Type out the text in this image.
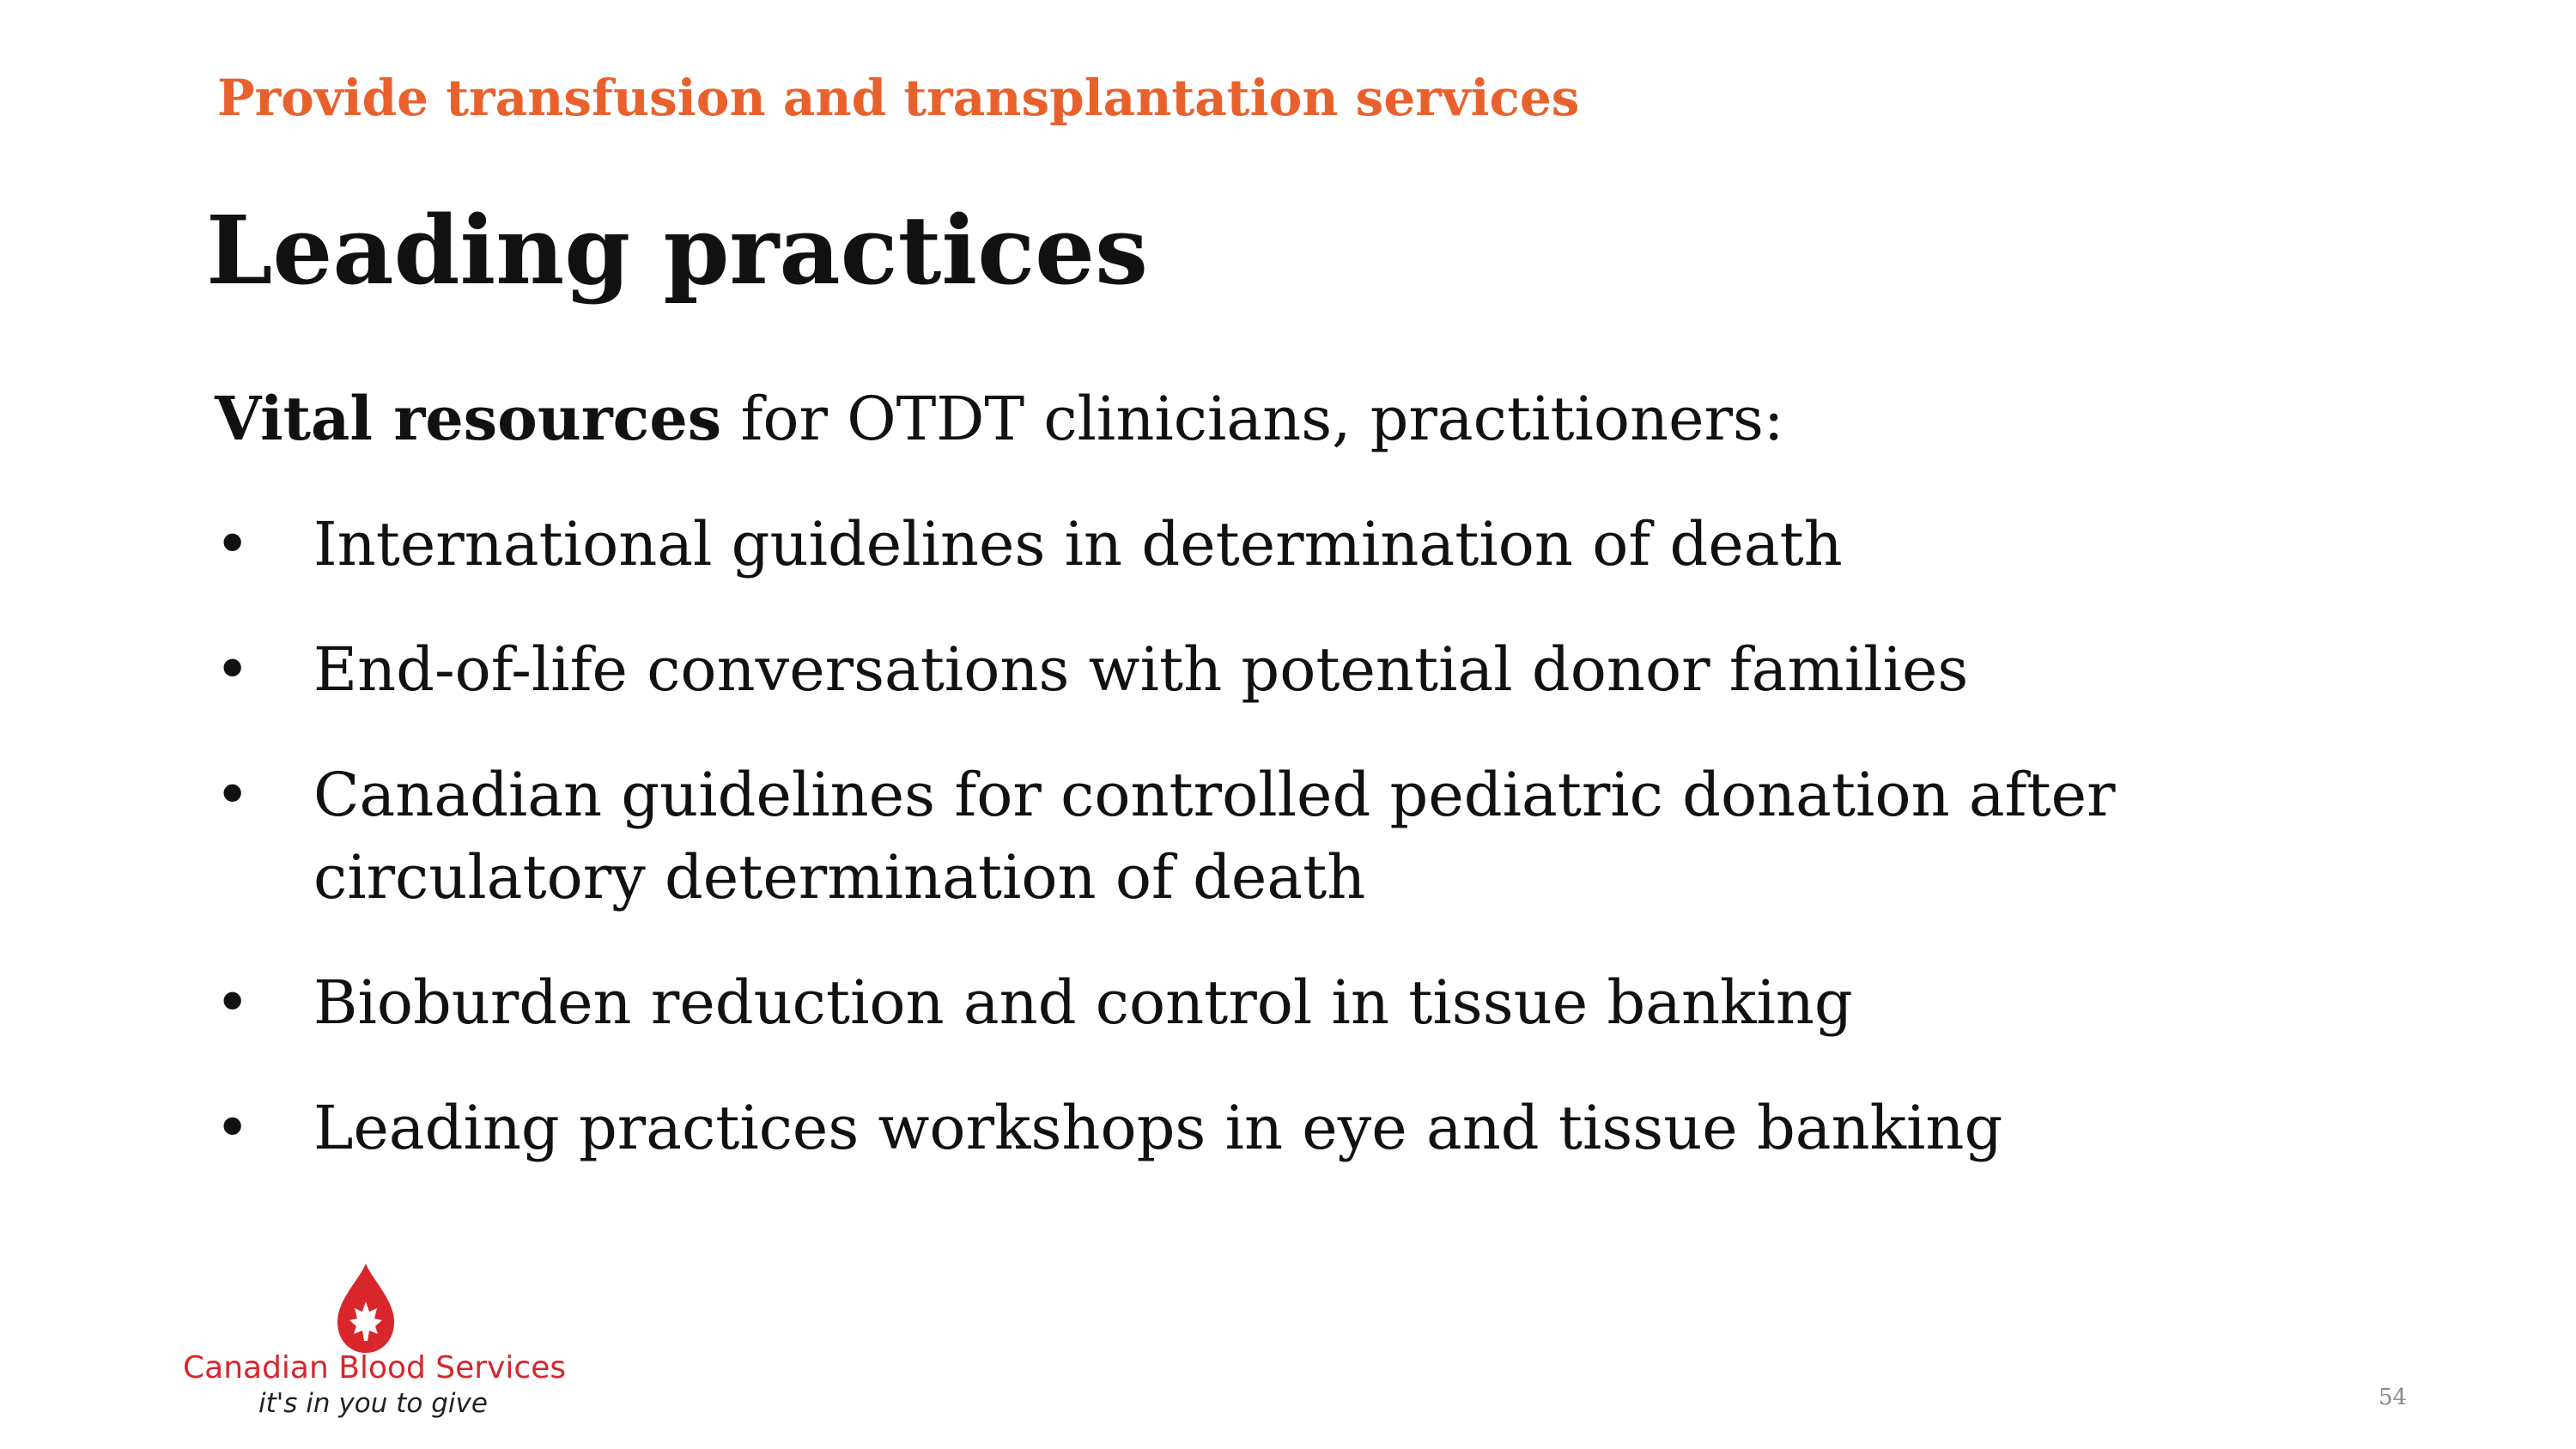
Provide transfusion and transplantation services
Leading practices

Vital resources for OTDT clinicians, practitioners:

• International guidelines in determination of death
• End-of-life conversations with potential donor families
• Canadian guidelines for controlled pediatric donation after circulatory determination of death
• Bioburden reduction and control in tissue banking
• Leading practices workshops in eye and tissue banking
Canadian Blood Services
it's in you to give	54
